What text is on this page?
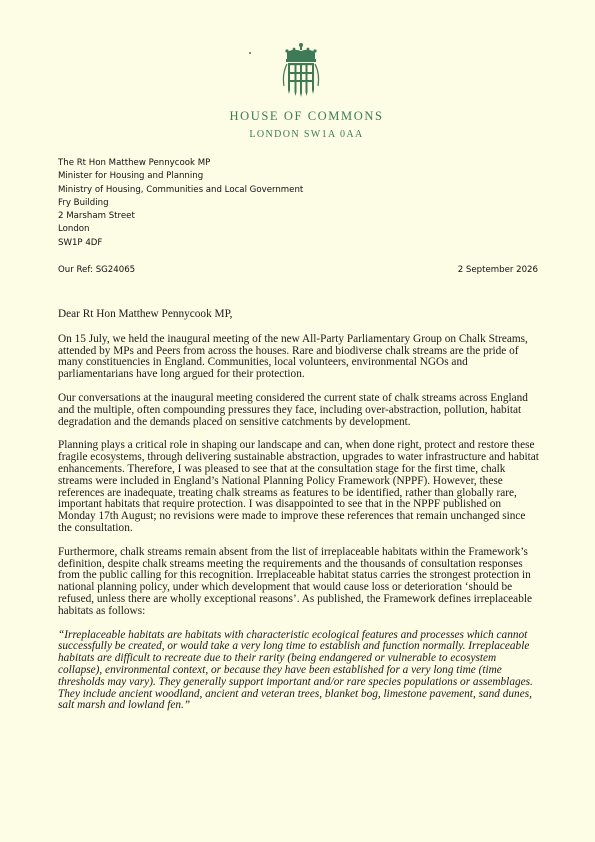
HOUSE OF COMMONS
LONDON SW1A 0AA
The Rt Hon Matthew Pennycook MP
Minister for Housing and Planning
Ministry of Housing, Communities and Local Government
Fry Building
2 Marsham Street
London
SW1P 4DF
Our Ref: SG24065	2 September 2026

Dear Rt Hon Matthew Pennycook MP,

On 15 July, we held the inaugural meeting of the new All-Party Parliamentary Group on Chalk Streams, attended by MPs and Peers from across the houses. Rare and biodiverse chalk streams are the pride of many constituencies in England. Communities, local volunteers, environmental NGOs and parliamentarians have long argued for their protection.

Our conversations at the inaugural meeting considered the current state of chalk streams across England and the multiple, often compounding pressures they face, including over-abstraction, pollution, habitat degradation and the demands placed on sensitive catchments by development.

Planning plays a critical role in shaping our landscape and can, when done right, protect and restore these fragile ecosystems, through delivering sustainable abstraction, upgrades to water infrastructure and habitat enhancements. Therefore, I was pleased to see that at the consultation stage for the first time, chalk streams were included in England’s National Planning Policy Framework (NPPF). However, these references are inadequate, treating chalk streams as features to be identified, rather than globally rare, important habitats that require protection. I was disappointed to see that in the NPPF published on Monday 17th August; no revisions were made to improve these references that remain unchanged since the consultation.

Furthermore, chalk streams remain absent from the list of irreplaceable habitats within the Framework’s definition, despite chalk streams meeting the requirements and the thousands of consultation responses from the public calling for this recognition. Irreplaceable habitat status carries the strongest protection in national planning policy, under which development that would cause loss or deterioration ‘should be refused, unless there are wholly exceptional reasons’. As published, the Framework defines irreplaceable habitats as follows:

“Irreplaceable habitats are habitats with characteristic ecological features and processes which cannot successfully be created, or would take a very long time to establish and function normally. Irreplaceable habitats are difficult to recreate due to their rarity (being endangered or vulnerable to ecosystem collapse), environmental context, or because they have been established for a very long time (time thresholds may vary). They generally support important and/or rare species populations or assemblages. They include ancient woodland, ancient and veteran trees, blanket bog, limestone pavement, sand dunes, salt marsh and lowland fen.”
